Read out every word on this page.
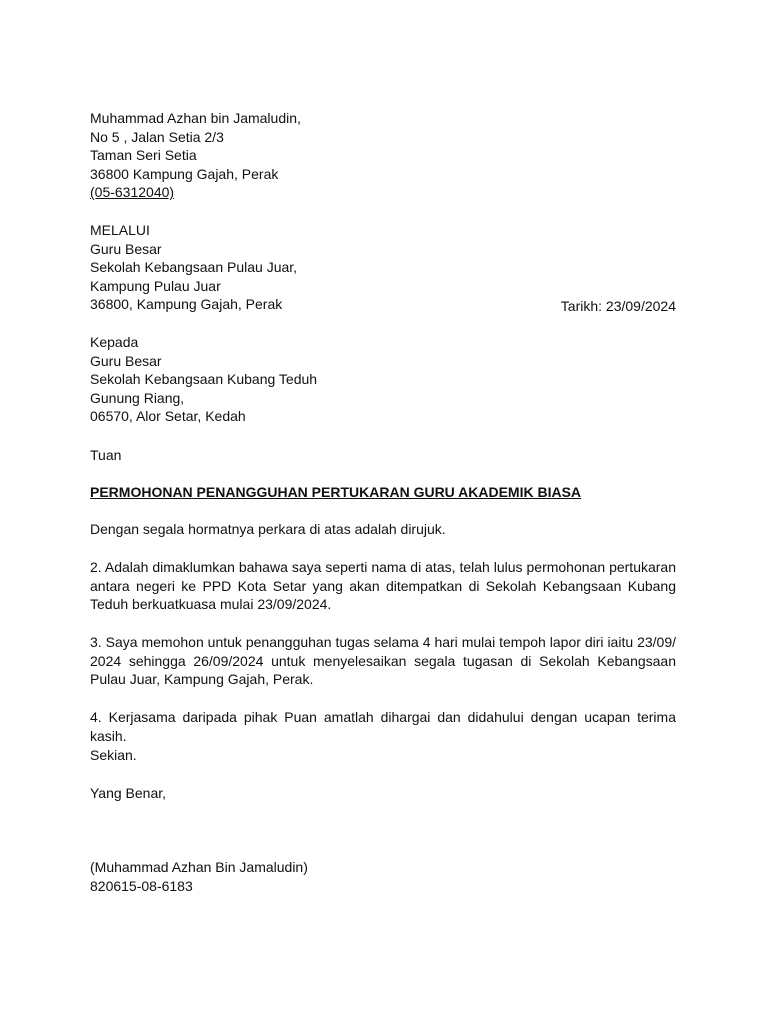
Muhammad Azhan bin Jamaludin,
No 5 , Jalan Setia 2/3
Taman Seri Setia
36800 Kampung Gajah, Perak
(05-6312040)
MELALUI
Guru Besar
Sekolah Kebangsaan Pulau Juar,
Kampung Pulau Juar
36800, Kampung Gajah, Perak	Tarikh: 23/09/2024
Kepada
Guru Besar
Sekolah Kebangsaan Kubang Teduh
Gunung Riang,
06570, Alor Setar, Kedah
Tuan
PERMOHONAN PENANGGUHAN PERTUKARAN GURU AKADEMIK BIASA
Dengan segala hormatnya perkara di atas adalah dirujuk.
2. Adalah dimaklumkan bahawa saya seperti nama di atas, telah lulus permohonan pertukaran antara negeri ke PPD Kota Setar yang akan ditempatkan di Sekolah Kebangsaan Kubang Teduh berkuatkuasa mulai 23/09/2024.
3. Saya memohon untuk penangguhan tugas selama 4 hari mulai tempoh lapor diri iaitu 23/09/ 2024 sehingga 26/09/2024 untuk menyelesaikan segala tugasan di Sekolah Kebangsaan Pulau Juar, Kampung Gajah, Perak.
4. Kerjasama daripada pihak Puan amatlah dihargai dan didahului dengan ucapan terima kasih.
Sekian.
Yang Benar,
(Muhammad Azhan Bin Jamaludin)
820615-08-6183
